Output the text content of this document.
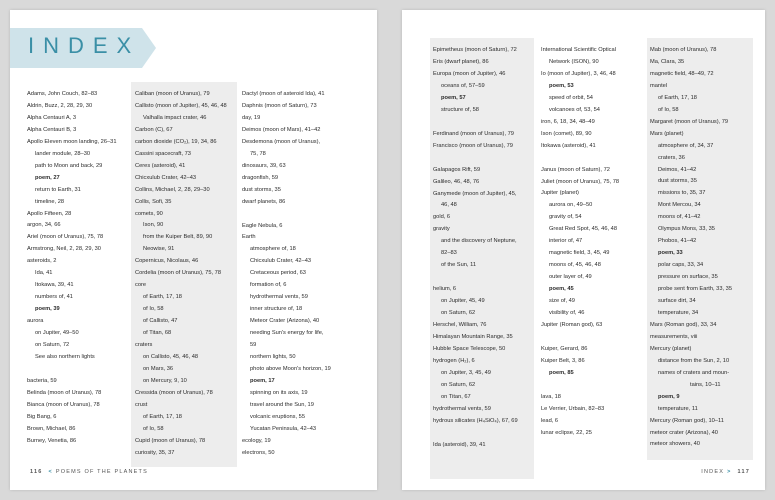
INDEX
Adams, John Couch, 82–83
Aldrin, Buzz, 2, 28, 29, 30
Alpha Centauri A, 3
Alpha Centauri B, 3
Apollo Eleven moon landing, 26–31
lander module, 28–30
path to Moon and back, 29
poem, 27
return to Earth, 31
timeline, 28
Apollo Fifteen, 28
argon, 34, 66
Ariel (moon of Uranus), 75, 78
Armstrong, Neil, 2, 28, 29, 30
asteroids, 2
Ida, 41
Itokawa, 39, 41
numbers of, 41
poem, 39
aurora
on Jupiter, 49–50
on Saturn, 72
See also northern lights
bacteria, 59
Belinda (moon of Uranus), 78
Bianca (moon of Uranus), 78
Big Bang, 6
Brown, Michael, 86
Burney, Venetia, 86
Caliban (moon of Uranus), 79
Callisto (moon of Jupiter), 45, 46, 48
Valhalla impact crater, 46
Carbon (C), 67
carbon dioxide (CO₂), 19, 34, 86
Cassini spacecraft, 73
Ceres (asteroid), 41
Chicxulub Crater, 42–43
Collins, Michael, 2, 28, 29–30
Collis, Sofi, 35
comets, 90
Ison, 90
from the Kuiper Belt, 89, 90
Neowise, 91
Copernicus, Nicolaus, 46
Cordelia (moon of Uranus), 75, 78
core
of Earth, 17, 18
of Io, 58
of Callisto, 47
of Titan, 68
craters
on Callisto, 45, 46, 48
on Mars, 36
on Mercury, 9, 10
Cressida (moon of Uranus), 78
crust
of Earth, 17, 18
of Io, 58
Cupid (moon of Uranus), 78
curiosity, 35, 37
Dactyl (moon of asteroid Ida), 41
Daphnis (moon of Saturn), 73
day, 19
Deimos (moon of Mars), 41–42
Desdemona (moon of Uranus),
75, 78
dinosaurs, 39, 63
dragonfish, 59
dust storms, 35
dwarf planets, 86
Eagle Nebula, 6
Earth
atmosphere of, 18
Chicxulub Crater, 42–43
Cretaceous period, 63
formation of, 6
hydrothermal vents, 59
inner structure of, 18
Meteor Crater (Arizona), 40
needing Sun's energy for life,
59
northern lights, 50
photo above Moon's horizon, 19
poem, 17
spinning on its axis, 19
travel around the Sun, 19
volcanic eruptions, 55
Yucatan Peninsula, 42–43
ecology, 19
electrons, 50
116 < POEMS OF THE PLANETS
Epimetheus (moon of Saturn), 72
Eris (dwarf planet), 86
Europa (moon of Jupiter), 46
oceans of, 57–59
poem, 57
structure of, 58
Ferdinand (moon of Uranus), 79
Francisco (moon of Uranus), 79
Galapagos Rift, 59
Galileo, 46, 48, 76
Ganymede (moon of Jupiter), 45,
46, 48
gold, 6
gravity
and the discovery of Neptune,
82–83
of the Sun, 11
helium, 6
on Jupiter, 45, 49
on Saturn, 62
Herschel, William, 76
Himalayan Mountain Range, 35
Hubble Space Telescope, 50
hydrogen (H₂), 6
on Jupiter, 3, 45, 49
on Saturn, 62
on Titan, 67
hydrothermal vents, 59
hydrous silicates (H₄SiO₄), 67, 69
Ida (asteroid), 39, 41
International Scientific Optical
Network (ISON), 90
Io (moon of Jupiter), 3, 46, 48
poem, 53
speed of orbit, 54
volcanoes of, 53, 54
iron, 6, 18, 34, 48–49
Ison (comet), 89, 90
Itokawa (asteroid), 41
Janus (moon of Saturn), 72
Juliet (moon of Uranus), 75, 78
Jupiter (planet)
aurora on, 49–50
gravity of, 54
Great Red Spot, 45, 46, 48
interior of, 47
magnetic field, 3, 45, 49
moons of, 45, 46, 48
outer layer of, 49
poem, 45
size of, 49
visibility of, 46
Jupiter (Roman god), 63
Kuiper, Gerard, 86
Kuiper Belt, 3, 86
poem, 85
lava, 18
Le Verrier, Urbain, 82–83
lead, 6
lunar eclipse, 22, 25
Mab (moon of Uranus), 78
Ma, Clara, 35
magnetic field, 48–49, 72
mantel
of Earth, 17, 18
of Io, 58
Margaret (moon of Uranus), 79
Mars (planet)
atmosphere of, 34, 37
craters, 36
Deimos, 41–42
dust storms, 35
missions to, 35, 37
Mont Mercou, 34
moons of, 41–42
Olympus Mons, 33, 35
Phobos, 41–42
poem, 33
polar caps, 33, 34
pressure on surface, 35
probe sent from Earth, 33, 35
surface dirt, 34
temperature, 34
Mars (Roman god), 33, 34
measurements, viii
Mercury (planet)
distance from the Sun, 2, 10
names of craters and moun-
tains, 10–11
poem, 9
temperature, 11
Mercury (Roman god), 10–11
meteor crater (Arizona), 40
meteor showers, 40
INDEX > 117
